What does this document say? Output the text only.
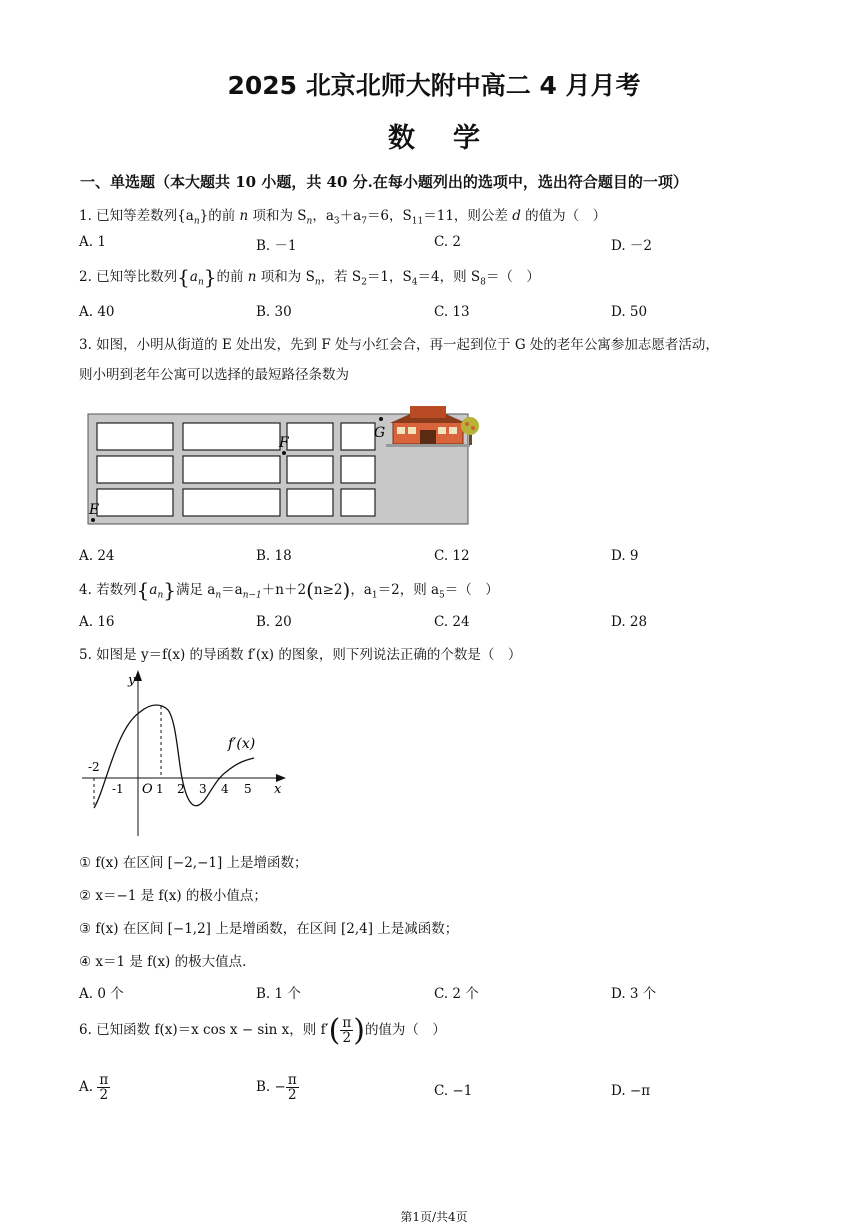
2025 北京北师大附中高二 4 月月考
数学
一、单选题（本大题共 10 小题，共 40 分.在每小题列出的选项中，选出符合题目的一项）
1. 已知等差数列$\{a_n\}$的前 n 项和为 $S_n$，$a_3+a_7=6$，$S_{11}=11$，则公差 d 的值为（　）
A. 1	B. －1	C. 2	D. －2
2. 已知等比数列$\{a_n\}$的前 n 项和为 $S_n$，若 $S_2=1$，$S_4=4$，则 $S_8=$（　）
A. 40	B. 30	C. 13	D. 50
3. 如图，小明从街道的 E 处出发，先到 F 处与小红会合，再一起到位于 G 处的老年公寓参加志愿者活动，
则小明到老年公寓可以选择的最短路径条数为
E
F
G
A. 24	B. 18	C. 12	D. 9
4. 若数列$\{a_n\}$满足 $a_n=a_{n-1}+n+2(n\ge 2)$，$a_1=2$，则 $a_5=$（　）
A. 16	B. 20	C. 24	D. 28
5. 如图是 y＝f(x) 的导函数 f′(x) 的图象，则下列说法正确的个数是（　）
y
x
O
-2
-1	1 2 3 4 5
f′(x)
① f(x) 在区间 [−2,−1] 上是增函数；
② x＝−1 是 f(x) 的极小值点；
③ f(x) 在区间 [−1,2] 上是增函数，在区间 [2,4] 上是减函数；
④ x＝1 是 f(x) 的极大值点.
A. 0 个	B. 1 个	C. 2 个	D. 3 个
6. 已知函数 f(x)＝x cos x − sin x，则 $f'( \frac{\pi}{2}$ )的值为（　）
A. $\frac{\pi}{2}$	B. − $\frac{\pi}{2}$	C. −1	D. −π
第1页/共4页
